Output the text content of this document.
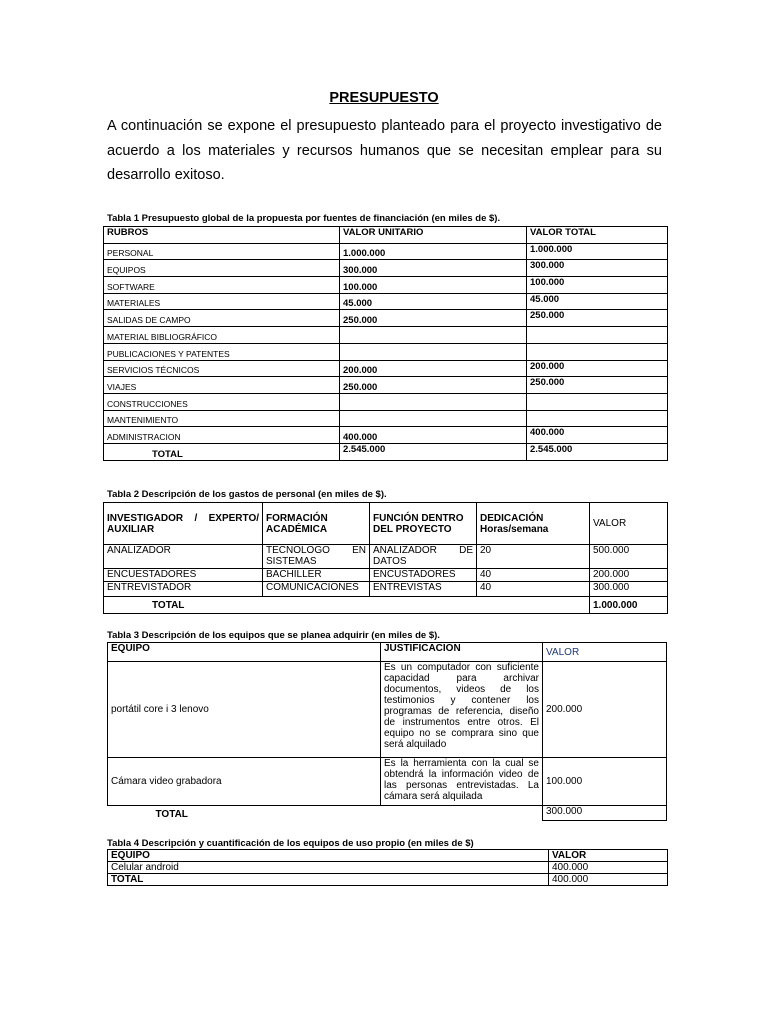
PRESUPUESTO

A continuación se expone el presupuesto planteado para el proyecto investigativo de acuerdo a los materiales y recursos humanos que se necesitan emplear para su desarrollo exitoso.

Tabla 1 Presupuesto global de la propuesta por fuentes de financiación (en miles de $).
RUBROS	VALOR UNITARIO	VALOR TOTAL
PERSONAL	1.000.000	1.000.000
EQUIPOS	300.000	300.000
SOFTWARE	100.000	100.000
MATERIALES	45.000	45.000
SALIDAS DE CAMPO	250.000	250.000
MATERIAL BIBLIOGRÁFICO		
PUBLICACIONES Y PATENTES		
SERVICIOS TÉCNICOS	200.000	200.000
VIAJES	250.000	250.000
CONSTRUCCIONES		
MANTENIMIENTO		
ADMINISTRACION	400.000	400.000
TOTAL	2.545.000	2.545.000
Tabla 2 Descripción de los gastos de personal (en miles de $).
INVESTIGADOR / EXPERTO/ AUXILIAR	FORMACIÓN ACADÉMICA	FUNCIÓN DENTRO DEL PROYECTO	DEDICACIÓN Horas/semana	VALOR
ANALIZADOR	TECNOLOGO EN SISTEMAS	ANALIZADOR DE DATOS	20	500.000
ENCUESTADORES	BACHILLER	ENCUSTADORES	40	200.000
ENTREVISTADOR	COMUNICACIONES	ENTREVISTAS	40	300.000
TOTAL				1.000.000
Tabla 3 Descripción de los equipos que se planea adquirir (en miles de $).
EQUIPO	JUSTIFICACION	VALOR
portátil core i 3 lenovo	Es un computador con suficiente capacidad para archivar documentos, videos de los testimonios y contener los programas de referencia, diseño de instrumentos entre otros. El equipo no se comprara sino que será alquilado	200.000
Cámara video grabadora	Es la herramienta con la cual se obtendrá la información video de las personas entrevistadas. La cámara será alquilada	100.000
TOTAL		300.000
Tabla 4 Descripción y cuantificación de los equipos de uso propio (en miles de $)
EQUIPO	VALOR
Celular android	400.000
TOTAL	400.000
